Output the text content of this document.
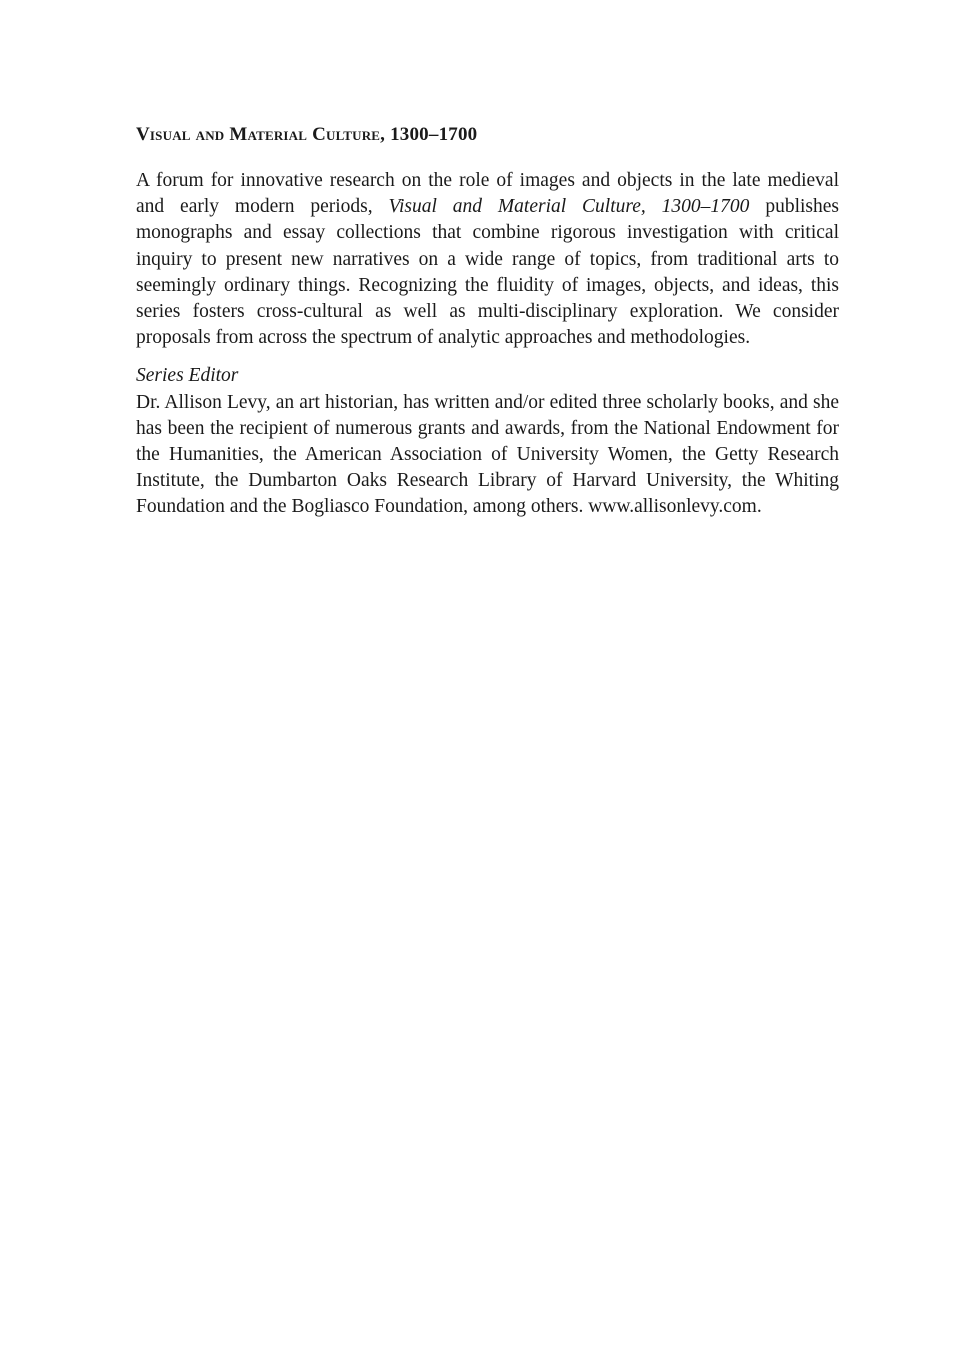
Visual and Material Culture, 1300–1700

A forum for innovative research on the role of images and objects in the late medieval and early modern periods, Visual and Material Culture, 1300–1700 publishes monographs and essay collections that combine rigorous investigation with critical inquiry to present new narratives on a wide range of topics, from traditional arts to seemingly ordinary things. Recognizing the fluidity of images, objects, and ideas, this series fosters cross-cultural as well as multi-disciplinary exploration. We consider proposals from across the spectrum of analytic approaches and methodologies.

Series Editor

Dr. Allison Levy, an art historian, has written and/or edited three scholarly books, and she has been the recipient of numerous grants and awards, from the National Endowment for the Humanities, the American Association of University Women, the Getty Research Institute, the Dumbarton Oaks Research Library of Harvard University, the Whiting Foundation and the Bogliasco Foundation, among others. www.allisonlevy.com.
